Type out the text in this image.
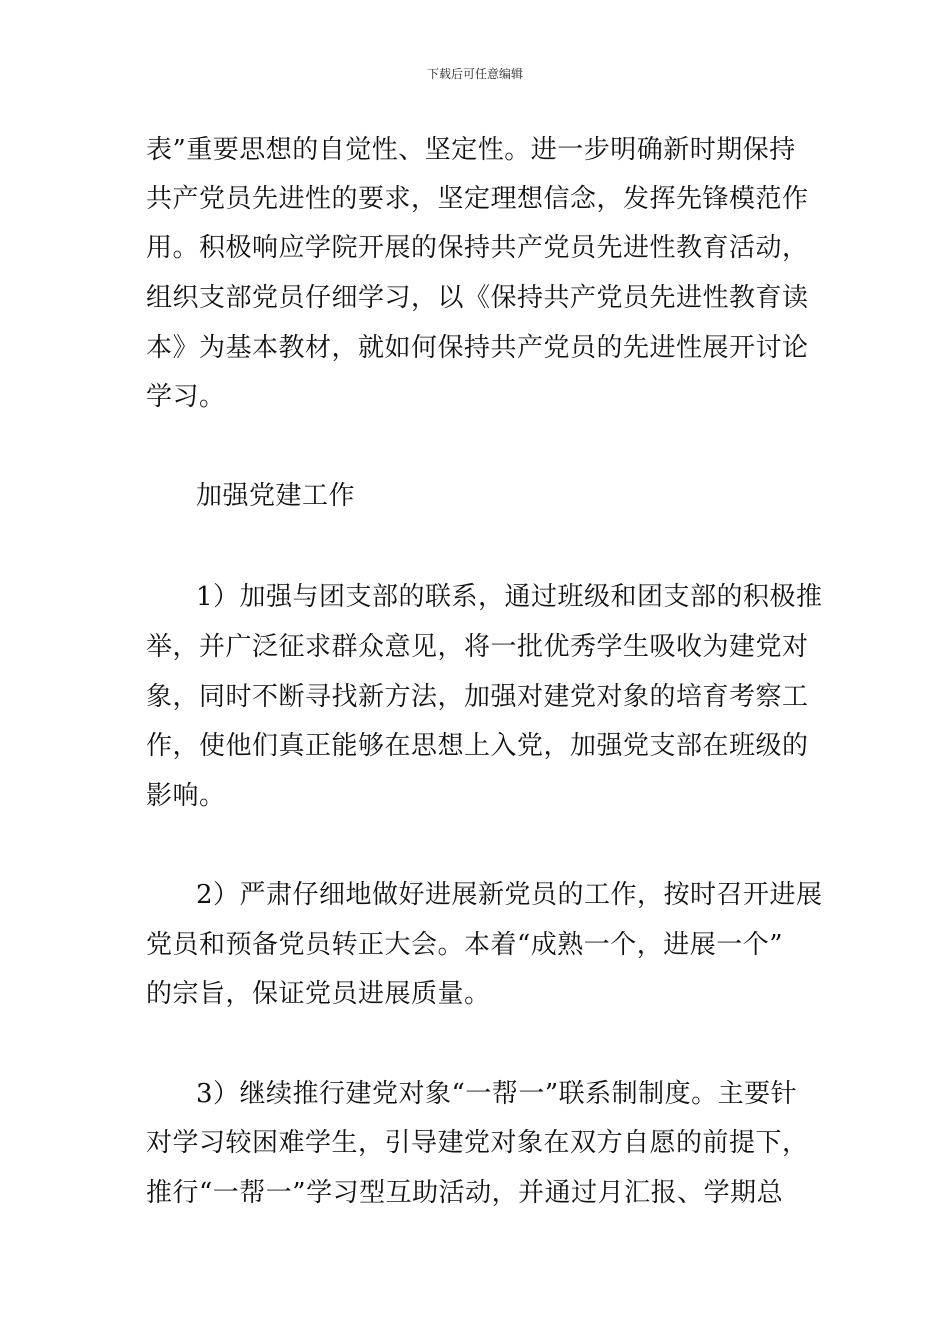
下载后可任意编辑
表”重要思想的自觉性、坚定性。进一步明确新时期保持
共产党员先进性的要求，坚定理想信念，发挥先锋模范作
用。积极响应学院开展的保持共产党员先进性教育活动，
组织支部党员仔细学习，以《保持共产党员先进性教育读
本》为基本教材，就如何保持共产党员的先进性展开讨论
学习。
加强党建工作
1）加强与团支部的联系，通过班级和团支部的积极推
举，并广泛征求群众意见，将一批优秀学生吸收为建党对
象，同时不断寻找新方法，加强对建党对象的培育考察工
作，使他们真正能够在思想上入党，加强党支部在班级的
影响。
2）严肃仔细地做好进展新党员的工作，按时召开进展
党员和预备党员转正大会。本着“成熟一个，进展一个”
的宗旨，保证党员进展质量。
3）继续推行建党对象“一帮一”联系制制度。主要针
对学习较困难学生，引导建党对象在双方自愿的前提下，
推行“一帮一”学习型互助活动，并通过月汇报、学期总
